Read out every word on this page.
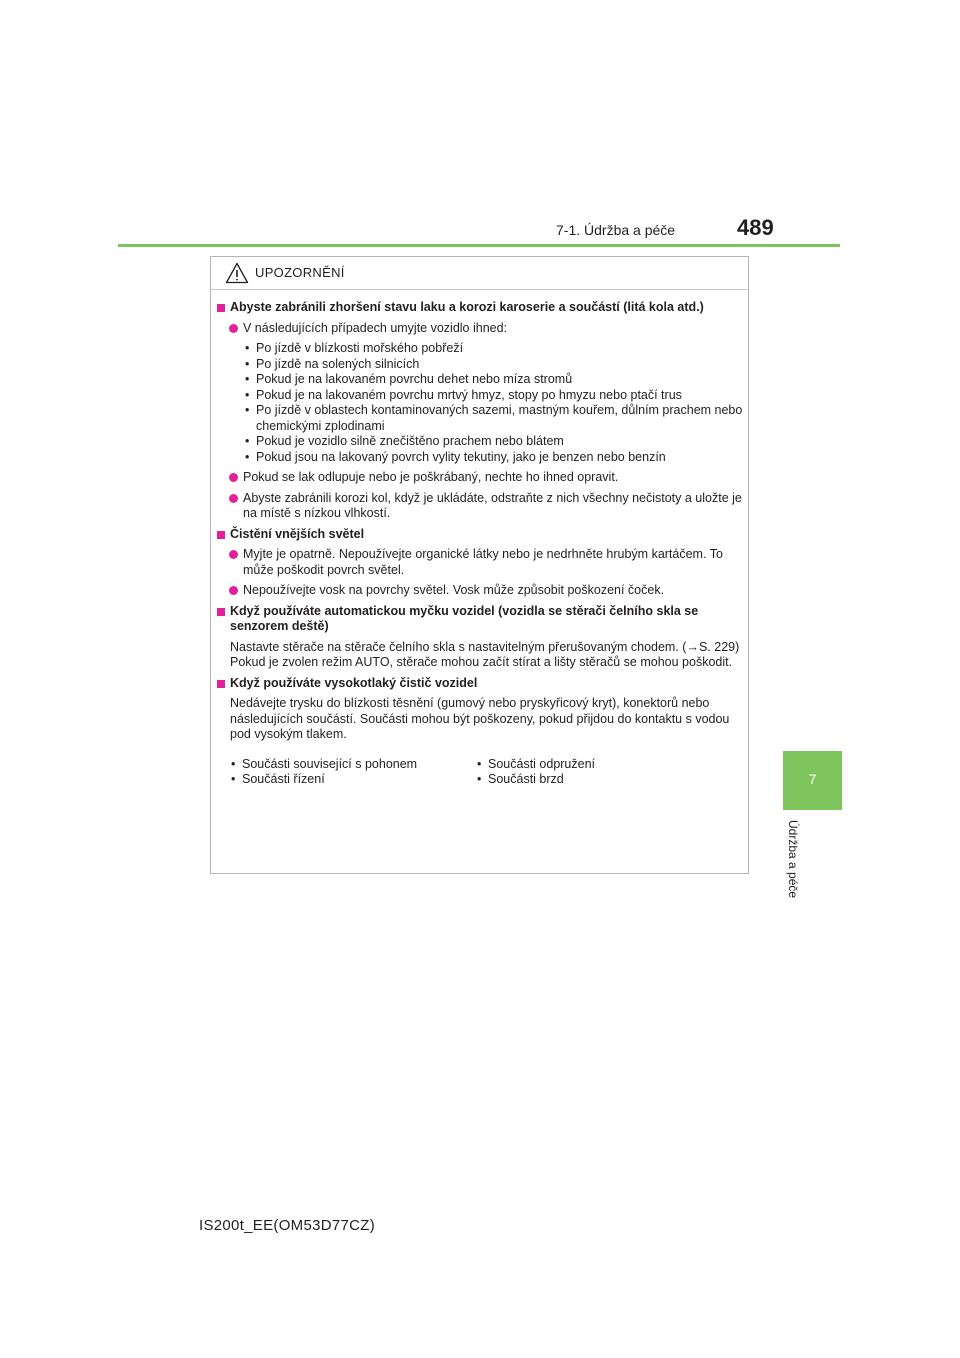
7-1. Údržba a péče	489
7
Údržba a péče
UPOZORNĚNÍ
Abyste zabránili zhoršení stavu laku a korozi karoserie a součástí (litá kola atd.)
V následujících případech umyjte vozidlo ihned:
• Po jízdě v blízkosti mořského pobřeží
• Po jízdě na solených silnicích
• Pokud je na lakovaném povrchu dehet nebo míza stromů
• Pokud je na lakovaném povrchu mrtvý hmyz, stopy po hmyzu nebo ptačí trus
• Po jízdě v oblastech kontaminovaných sazemi, mastným kouřem, důlním prachem nebo chemickými zplodinami
• Pokud je vozidlo silně znečištěno prachem nebo blátem
• Pokud jsou na lakovaný povrch vylity tekutiny, jako je benzen nebo benzín
Pokud se lak odlupuje nebo je poškrábaný, nechte ho ihned opravit.
Abyste zabránili korozi kol, když je ukládáte, odstraňte z nich všechny nečistoty a uložte je na místě s nízkou vlhkostí.
Čistění vnějších světel
Myjte je opatrně. Nepoužívejte organické látky nebo je nedrhněte hrubým kartáčem. To může poškodit povrch světel.
Nepoužívejte vosk na povrchy světel. Vosk může způsobit poškození čoček.
Když používáte automatickou myčku vozidel (vozidla se stěrači čelního skla se senzorem deště)
Nastavte stěrače na stěrače čelního skla s nastavitelným přerušovaným chodem. (→S. 229) Pokud je zvolen režim AUTO, stěrače mohou začít stírat a lišty stěračů se mohou poškodit.
Když používáte vysokotlaký čistič vozidel
Nedávejte trysku do blízkosti těsnění (gumový nebo pryskyřicový kryt), konektorů nebo následujících součástí. Součásti mohou být poškozeny, pokud přijdou do kontaktu s vodou pod vysokým tlakem.
• Součásti související s pohonem
• Součásti řízení
• Součásti odpružení
• Součásti brzd
IS200t_EE(OM53D77CZ)
